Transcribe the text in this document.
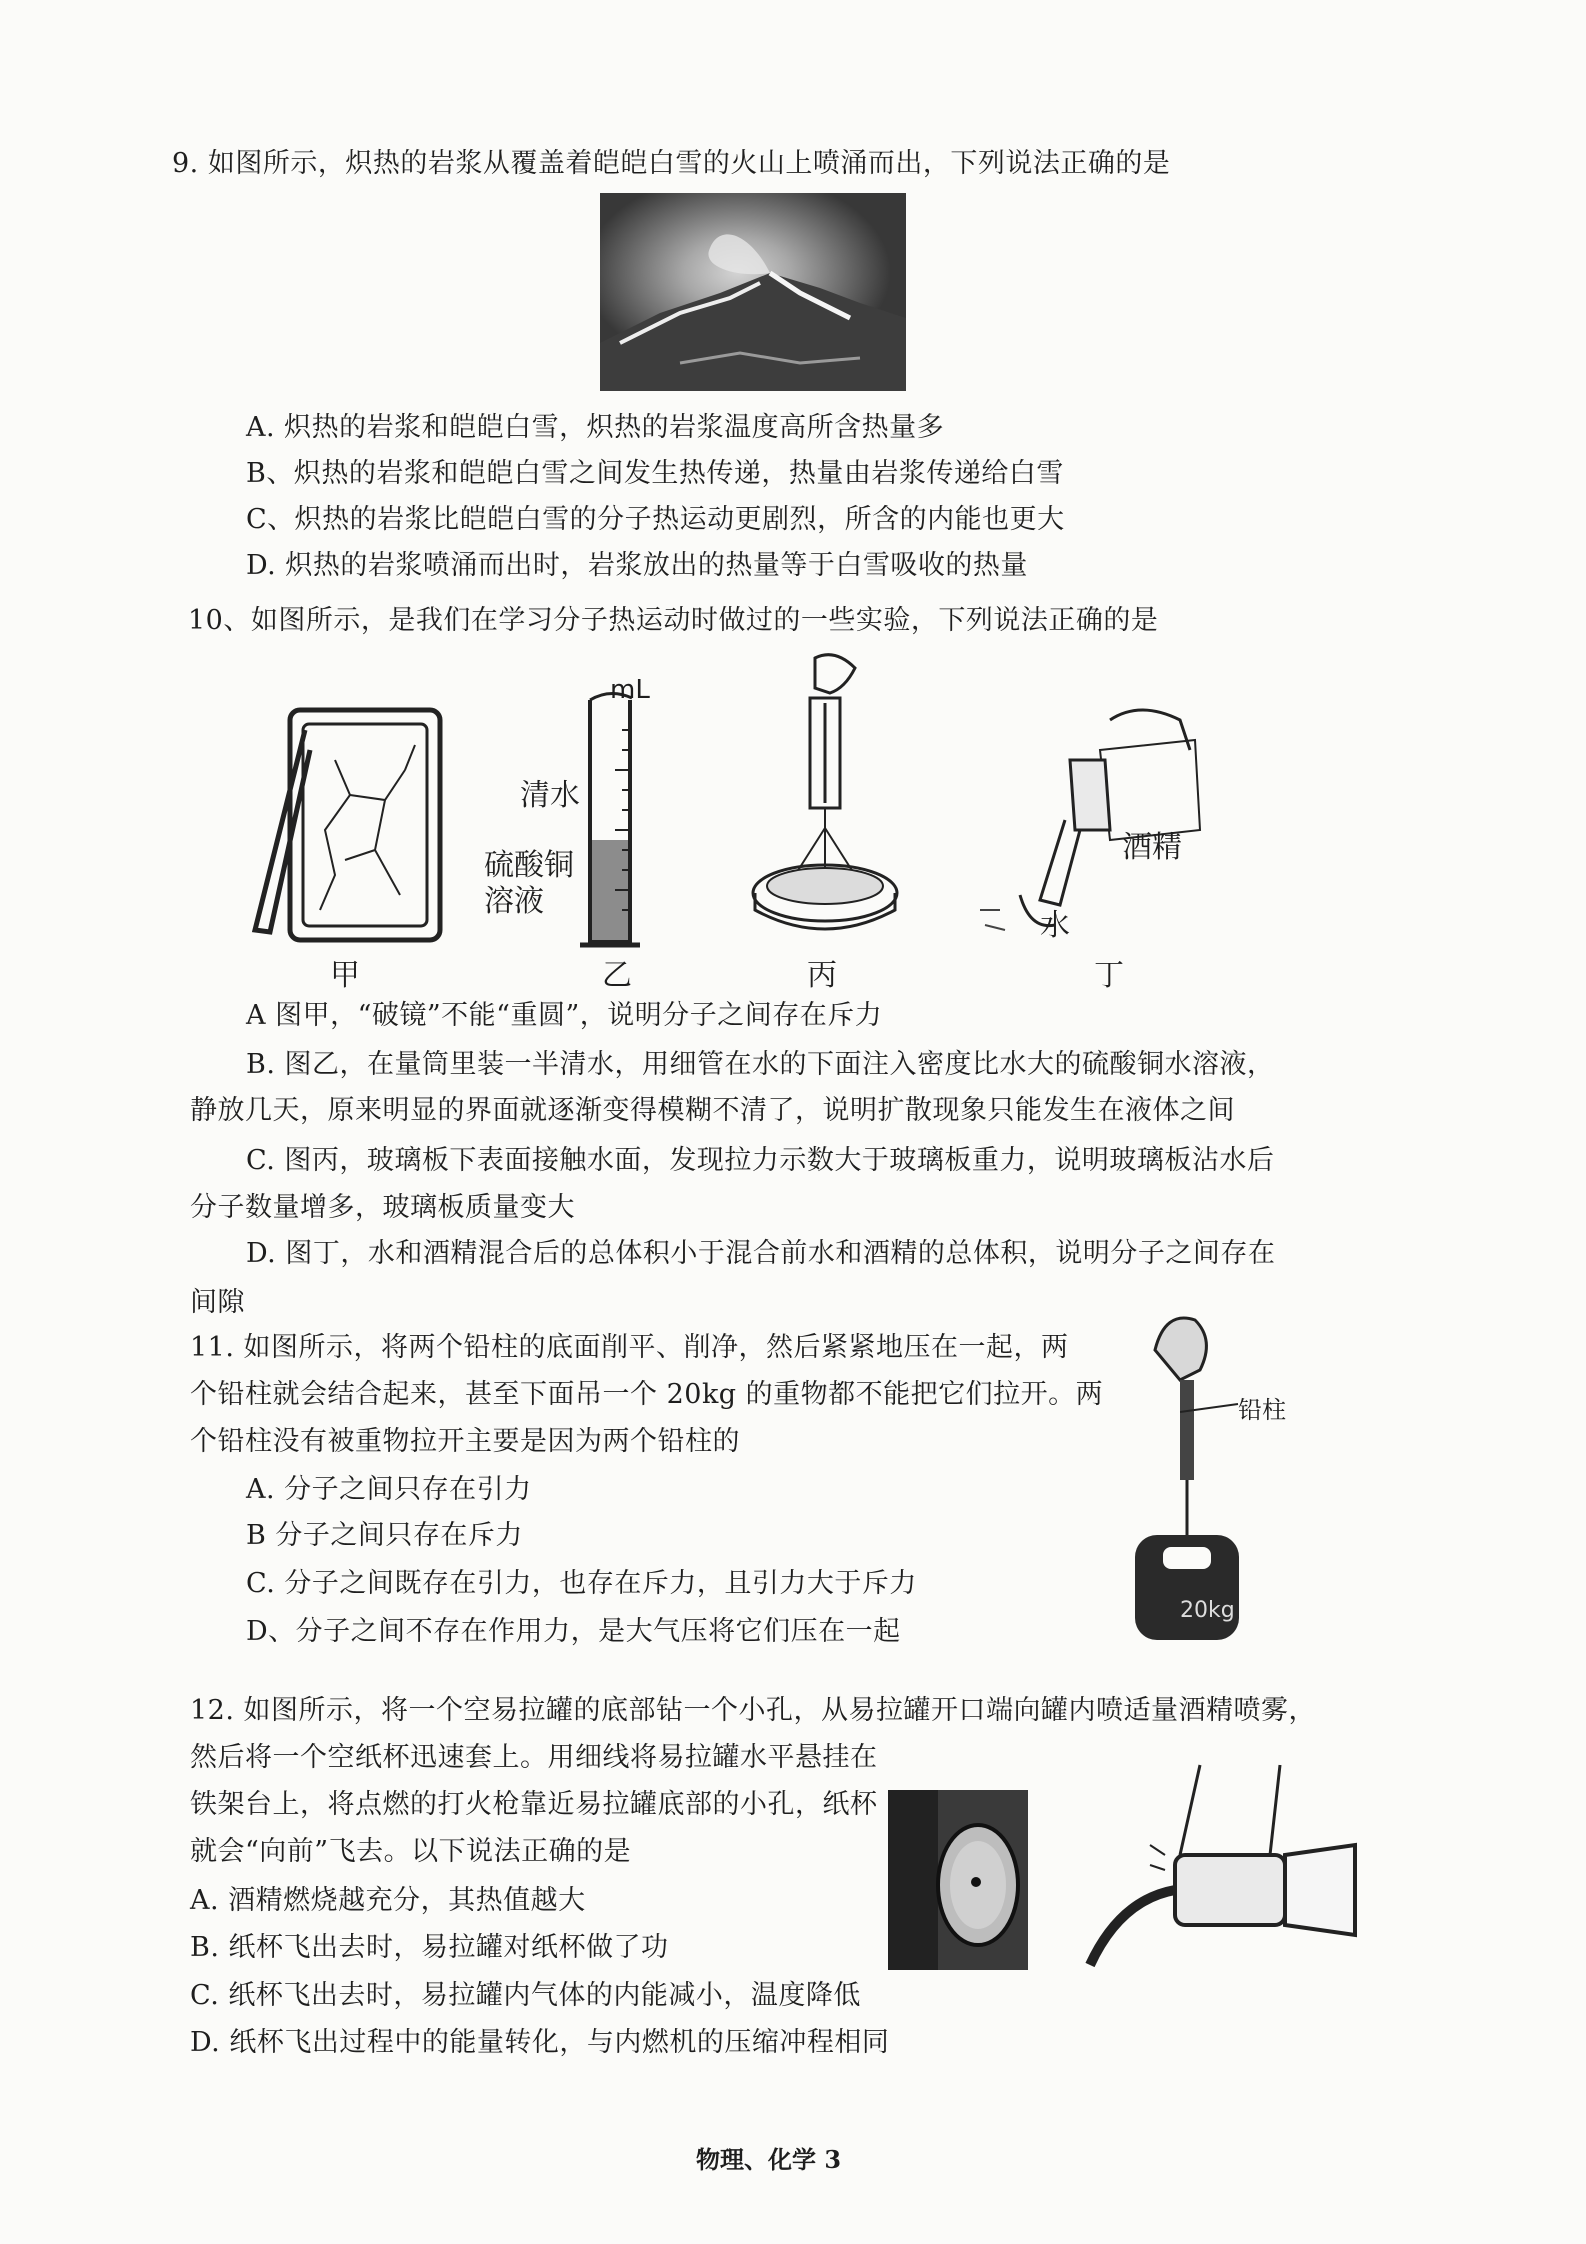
9. 如图所示，炽热的岩浆从覆盖着皑皑白雪的火山上喷涌而出，下列说法正确的是
A. 炽热的岩浆和皑皑白雪，炽热的岩浆温度高所含热量多
B、炽热的岩浆和皑皑白雪之间发生热传递，热量由岩浆传递给白雪
C、炽热的岩浆比皑皑白雪的分子热运动更剧烈，所含的内能也更大
D. 炽热的岩浆喷涌而出时，岩浆放出的热量等于白雪吸收的热量
10、如图所示，是我们在学习分子热运动时做过的一些实验，下列说法正确的是
mL
清水
硫酸铜
溶液
酒精
水
甲	乙	丙	丁
A 图甲，“破镜”不能“重圆”，说明分子之间存在斥力
B. 图乙，在量筒里装一半清水，用细管在水的下面注入密度比水大的硫酸铜水溶液，
静放几天，原来明显的界面就逐渐变得模糊不清了，说明扩散现象只能发生在液体之间
C. 图丙，玻璃板下表面接触水面，发现拉力示数大于玻璃板重力，说明玻璃板沾水后
分子数量增多，玻璃板质量变大
D. 图丁，水和酒精混合后的总体积小于混合前水和酒精的总体积，说明分子之间存在
间隙
11. 如图所示，将两个铅柱的底面削平、削净，然后紧紧地压在一起，两
个铅柱就会结合起来，甚至下面吊一个 20kg 的重物都不能把它们拉开。两
个铅柱没有被重物拉开主要是因为两个铅柱的
A. 分子之间只存在引力
B 分子之间只存在斥力
C. 分子之间既存在引力，也存在斥力，且引力大于斥力
D、分子之间不存在作用力，是大气压将它们压在一起
20kg
铅柱
12. 如图所示，将一个空易拉罐的底部钻一个小孔，从易拉罐开口端向罐内喷适量酒精喷雾，
然后将一个空纸杯迅速套上。用细线将易拉罐水平悬挂在
铁架台上，将点燃的打火枪靠近易拉罐底部的小孔，纸杯
就会“向前”飞去。以下说法正确的是
A. 酒精燃烧越充分，其热值越大
B. 纸杯飞出去时，易拉罐对纸杯做了功
C. 纸杯飞出去时，易拉罐内气体的内能减小，温度降低
D. 纸杯飞出过程中的能量转化，与内燃机的压缩冲程相同
物理、化学 3
